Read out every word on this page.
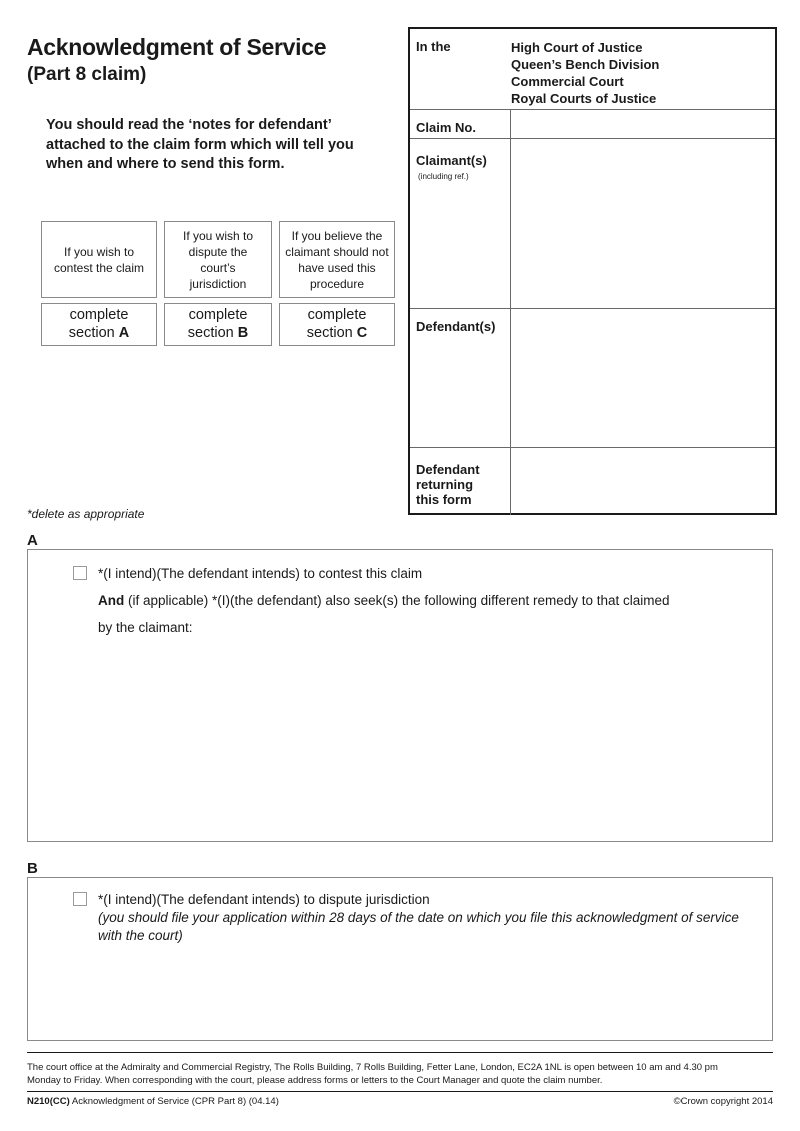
Acknowledgment of Service
(Part 8 claim)
You should read the ‘notes for defendant’ attached to the claim form which will tell you when and where to send this form.
If you wish to contest the claim
If you wish to dispute the court’s jurisdiction
If you believe the claimant should not have used this procedure
complete
section A
complete
section B
complete
section C
In the	High Court of Justice
Queen’s Bench Division
Commercial Court
Royal Courts of Justice
Claim No.
Claimant(s)
(including ref.)
Defendant(s)
Defendant
returning
this form
*delete as appropriate
A
*(I intend)(The defendant intends) to contest this claim
And (if applicable) *(I)(the defendant) also seek(s) the following different remedy to that claimed
by the claimant:
B
*(I intend)(The defendant intends) to dispute jurisdiction
(you should file your application within 28 days of the date on which you file this acknowledgment of service
with the court)
The court office at the Admiralty and Commercial Registry, The Rolls Building, 7 Rolls Building, Fetter Lane, London, EC2A 1NL is open between 10 am and 4.30 pm
Monday to Friday. When corresponding with the court, please address forms or letters to the Court Manager and quote the claim number.
N210(CC) Acknowledgment of Service (CPR Part 8) (04.14)	©Crown copyright 2014
